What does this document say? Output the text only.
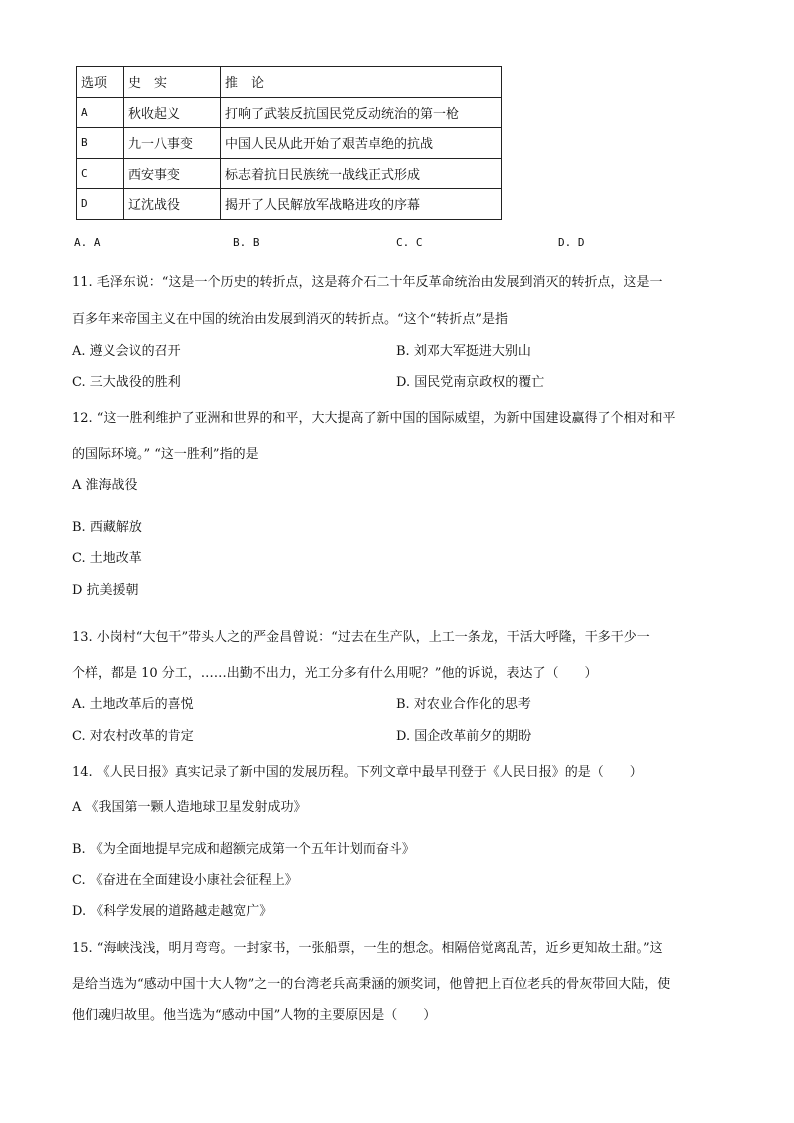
选项	史　实	推　论
A	秋收起义	打响了武装反抗国民党反动统治的第一枪
B	九一八事变	中国人民从此开始了艰苦卓绝的抗战
C	西安事变	标志着抗日民族统一战线正式形成
D	辽沈战役	揭开了人民解放军战略进攻的序幕
A. A	B. B	C. C	D. D
11. 毛泽东说：“这是一个历史的转折点，这是蒋介石二十年反革命统治由发展到消灭的转折点，这是一
百多年来帝国主义在中国的统治由发展到消灭的转折点。“这个“转折点”是指
A. 遵义会议的召开	B. 刘邓大军挺进大别山
C. 三大战役的胜利	D. 国民党南京政权的覆亡
12. “这一胜利维护了亚洲和世界的和平，大大提高了新中国的国际威望，为新中国建设赢得了个相对和平
的国际环境。” “这一胜利”指的是
A 淮海战役
B. 西藏解放
C. 土地改革
D 抗美援朝
13. 小岗村“大包干”带头人之的严金昌曾说：“过去在生产队，上工一条龙，干活大呼隆，干多干少一
个样，都是 10 分工，……出勤不出力，光工分多有什么用呢？”他的诉说，表达了（　　）
A. 土地改革后的喜悦	B. 对农业合作化的思考
C. 对农村改革的肯定	D. 国企改革前夕的期盼
14. 《人民日报》真实记录了新中国的发展历程。下列文章中最早刊登于《人民日报》的是（　　）
A 《我国第一颗人造地球卫星发射成功》
B. 《为全面地提早完成和超额完成第一个五年计划而奋斗》
C. 《奋进在全面建设小康社会征程上》
D. 《科学发展的道路越走越宽广》
15. “海峡浅浅，明月弯弯。一封家书，一张船票，一生的想念。相隔倍觉离乱苦，近乡更知故土甜。”这
是给当选为“感动中国十大人物”之一的台湾老兵高秉涵的颁奖词，他曾把上百位老兵的骨灰带回大陆，使
他们魂归故里。他当选为“感动中国”人物的主要原因是（　　）
